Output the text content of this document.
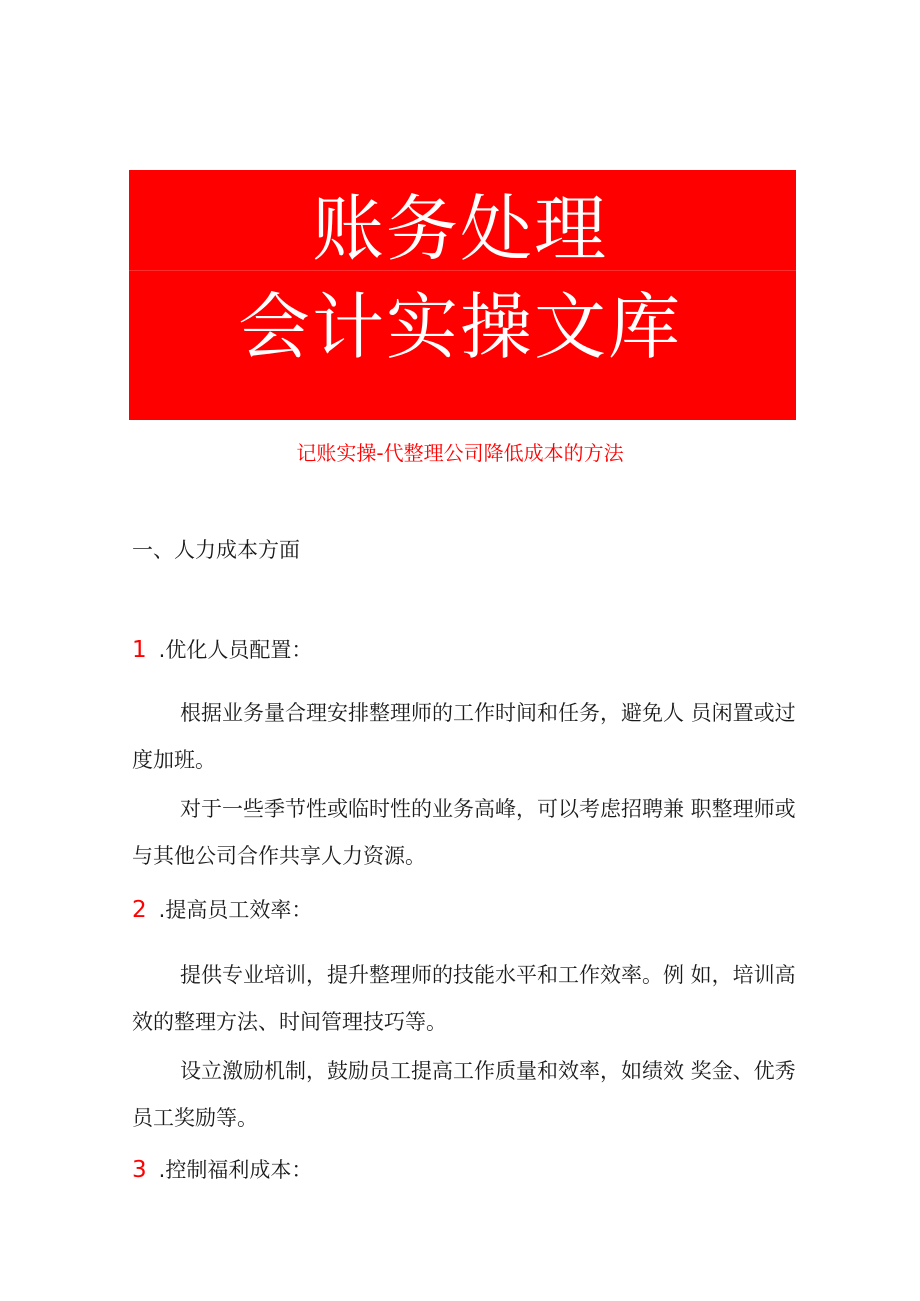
账务处理
会计实操文库
记账实操-代整理公司降低成本的方法
一、人力成本方面
1 .优化人员配置：

根据业务量合理安排整理师的工作时间和任务，避免人 员闲置或过度加班。

对于一些季节性或临时性的业务高峰，可以考虑招聘兼 职整理师或与其他公司合作共享人力资源。

2 .提高员工效率：

提供专业培训，提升整理师的技能水平和工作效率。例 如，培训高效的整理方法、时间管理技巧等。

设立激励机制，鼓励员工提高工作质量和效率，如绩效 奖金、优秀员工奖励等。

3 .控制福利成本：
